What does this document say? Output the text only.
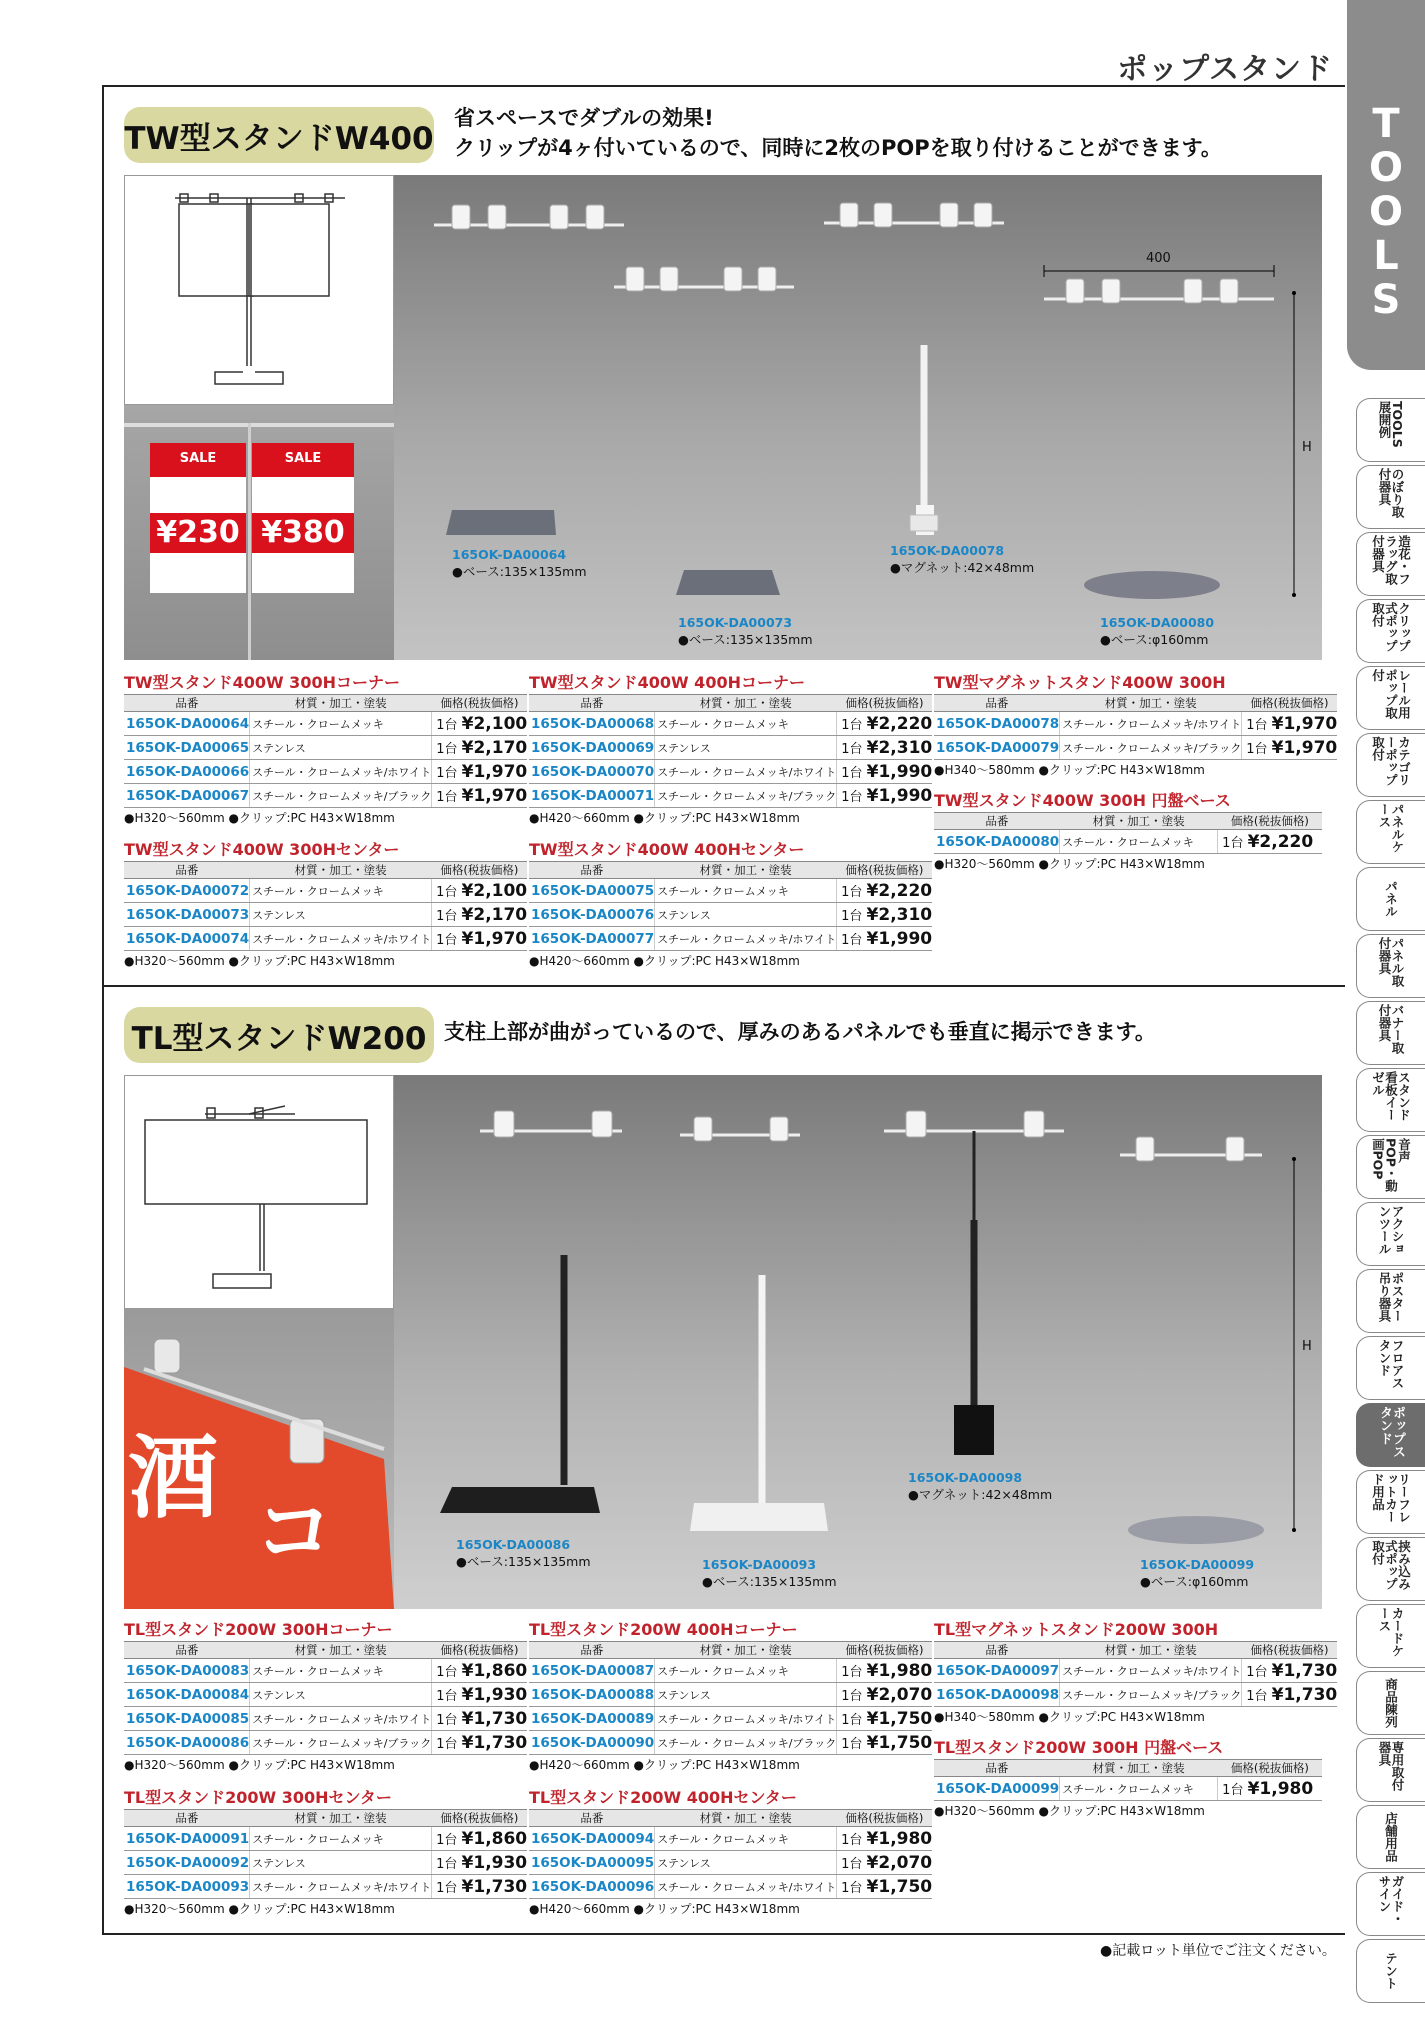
ポップスタンド
T
O
O
L
S
TOOLS展開例
のぼり取付器具
造花・フラッグ取付器具
クリップ式ポップ取付
レール用ポップ取付
カテゴリーポップ取付
パネルケース
パネル
パネル取付器具
バナー取付器具
スタンド看板イーゼル
音声POP・動画POP
アクションツール
ポスター吊り器具
フロアスタンド
ポップスタンド
リーフレットカード用品
挟み込み式ポップ取付
カードケース
商品陳列
専用取付器具
店舗用品
ガイド・サイン
テント
TW型スタンドW400
省スペースでダブルの効果!
クリップが4ヶ付いているので、同時に2枚のPOPを取り付けることができます。
SALE
¥230
SALE
¥380
400
H
165OK-DA00064
●ベース:135×135mm
165OK-DA00073
●ベース:135×135mm
165OK-DA00078
●マグネット:42×48mm
165OK-DA00080
●ベース:φ160mm
TW型スタンド400W 300Hコーナー
品番	材質・加工・塗装	価格(税抜価格)
165OK-DA00064	スチール・クロームメッキ	1台 ¥2,100
165OK-DA00065	ステンレス	1台 ¥2,170
165OK-DA00066	スチール・クロームメッキ/ホワイト	1台 ¥1,970
165OK-DA00067	スチール・クロームメッキ/ブラック	1台 ¥1,970
●H320〜560mm ●クリップ:PC H43×W18mm
TW型スタンド400W 400Hコーナー
品番	材質・加工・塗装	価格(税抜価格)
165OK-DA00068	スチール・クロームメッキ	1台 ¥2,220
165OK-DA00069	ステンレス	1台 ¥2,310
165OK-DA00070	スチール・クロームメッキ/ホワイト	1台 ¥1,990
165OK-DA00071	スチール・クロームメッキ/ブラック	1台 ¥1,990
●H420〜660mm ●クリップ:PC H43×W18mm
TW型マグネットスタンド400W 300H
品番	材質・加工・塗装	価格(税抜価格)
165OK-DA00078	スチール・クロームメッキ/ホワイト	1台 ¥1,970
165OK-DA00079	スチール・クロームメッキ/ブラック	1台 ¥1,970
●H340〜580mm ●クリップ:PC H43×W18mm
TW型スタンド400W 300Hセンター
品番	材質・加工・塗装	価格(税抜価格)
165OK-DA00072	スチール・クロームメッキ	1台 ¥2,100
165OK-DA00073	ステンレス	1台 ¥2,170
165OK-DA00074	スチール・クロームメッキ/ホワイト	1台 ¥1,970
●H320〜560mm ●クリップ:PC H43×W18mm
TW型スタンド400W 400Hセンター
品番	材質・加工・塗装	価格(税抜価格)
165OK-DA00075	スチール・クロームメッキ	1台 ¥2,220
165OK-DA00076	ステンレス	1台 ¥2,310
165OK-DA00077	スチール・クロームメッキ/ホワイト	1台 ¥1,990
●H420〜660mm ●クリップ:PC H43×W18mm
TW型スタンド400W 300H 円盤ベース
品番	材質・加工・塗装	価格(税抜価格)
165OK-DA00080	スチール・クロームメッキ	1台 ¥2,220
●H320〜560mm ●クリップ:PC H43×W18mm
TL型スタンドW200 支柱上部が曲がっているので、厚みのあるパネルでも垂直に掲示できます。
酒
コ
H
165OK-DA00086
●ベース:135×135mm	165OK-DA00093
●ベース:135×135mm
165OK-DA00098
●マグネット:42×48mm
165OK-DA00099
●ベース:φ160mm
TL型スタンド200W 300Hコーナー
品番	材質・加工・塗装	価格(税抜価格)
165OK-DA00083	スチール・クロームメッキ	1台 ¥1,860
165OK-DA00084	ステンレス	1台 ¥1,930
165OK-DA00085	スチール・クロームメッキ/ホワイト	1台 ¥1,730
165OK-DA00086	スチール・クロームメッキ/ブラック	1台 ¥1,730
●H320〜560mm ●クリップ:PC H43×W18mm
TL型スタンド200W 400Hコーナー
品番	材質・加工・塗装	価格(税抜価格)
165OK-DA00087	スチール・クロームメッキ	1台 ¥1,980
165OK-DA00088	ステンレス	1台 ¥2,070
165OK-DA00089	スチール・クロームメッキ/ホワイト	1台 ¥1,750
165OK-DA00090	スチール・クロームメッキ/ブラック	1台 ¥1,750
●H420〜660mm ●クリップ:PC H43×W18mm
TL型マグネットスタンド200W 300H
品番	材質・加工・塗装	価格(税抜価格)
165OK-DA00097	スチール・クロームメッキ/ホワイト	1台 ¥1,730
165OK-DA00098	スチール・クロームメッキ/ブラック	1台 ¥1,730
●H340〜580mm ●クリップ:PC H43×W18mm
TL型スタンド200W 300Hセンター
品番	材質・加工・塗装	価格(税抜価格)
165OK-DA00091	スチール・クロームメッキ	1台 ¥1,860
165OK-DA00092	ステンレス	1台 ¥1,930
165OK-DA00093	スチール・クロームメッキ/ホワイト	1台 ¥1,730
●H320〜560mm ●クリップ:PC H43×W18mm
TL型スタンド200W 400Hセンター
品番	材質・加工・塗装	価格(税抜価格)
165OK-DA00094	スチール・クロームメッキ	1台 ¥1,980
165OK-DA00095	ステンレス	1台 ¥2,070
165OK-DA00096	スチール・クロームメッキ/ホワイト	1台 ¥1,750
●H420〜660mm ●クリップ:PC H43×W18mm
TL型スタンド200W 300H 円盤ベース
品番	材質・加工・塗装	価格(税抜価格)
165OK-DA00099	スチール・クロームメッキ	1台 ¥1,980
●H320〜560mm ●クリップ:PC H43×W18mm
●記載ロット単位でご注文ください。
